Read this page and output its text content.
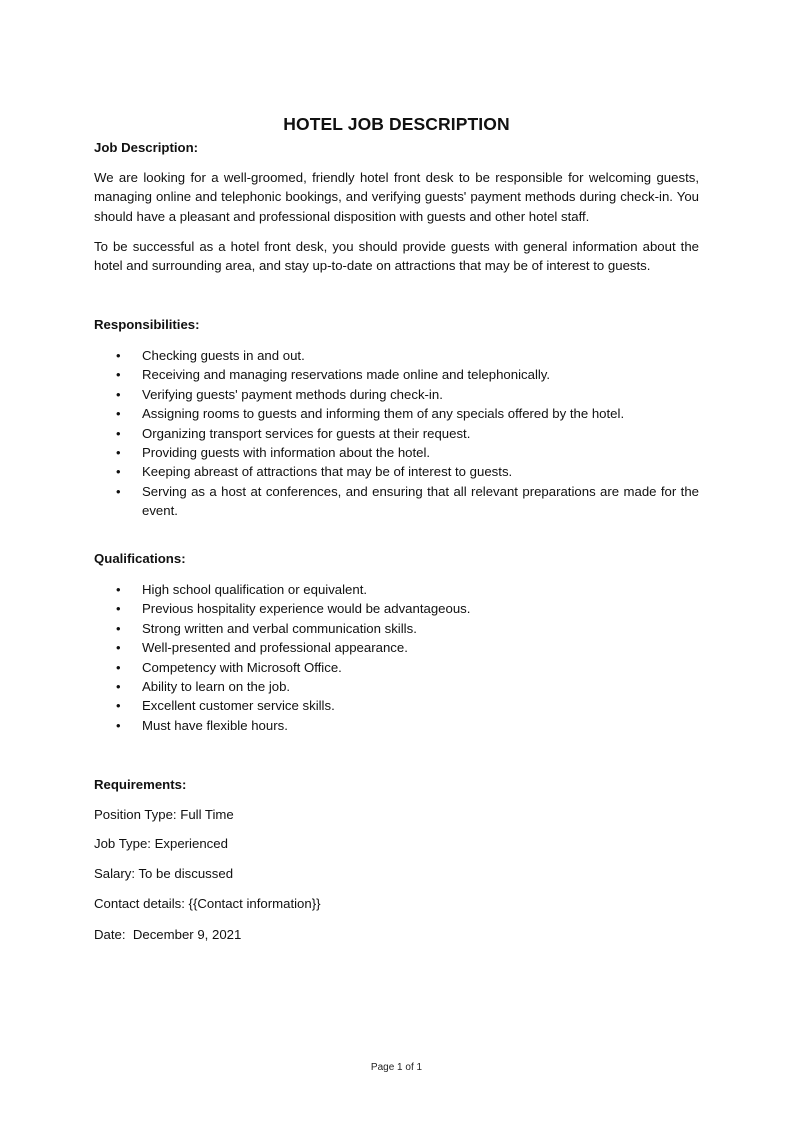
HOTEL JOB DESCRIPTION

Job Description:

We are looking for a well-groomed, friendly hotel front desk to be responsible for welcoming guests, managing online and telephonic bookings, and verifying guests' payment methods during check-in. You should have a pleasant and professional disposition with guests and other hotel staff.

To be successful as a hotel front desk, you should provide guests with general information about the hotel and surrounding area, and stay up-to-date on attractions that may be of interest to guests.

Responsibilities:

• Checking guests in and out.
• Receiving and managing reservations made online and telephonically.
• Verifying guests' payment methods during check-in.
• Assigning rooms to guests and informing them of any specials offered by the hotel.
• Organizing transport services for guests at their request.
• Providing guests with information about the hotel.
• Keeping abreast of attractions that may be of interest to guests.
• Serving as a host at conferences, and ensuring that all relevant preparations are made for the event.

Qualifications:

• High school qualification or equivalent.
• Previous hospitality experience would be advantageous.
• Strong written and verbal communication skills.
• Well-presented and professional appearance.
• Competency with Microsoft Office.
• Ability to learn on the job.
• Excellent customer service skills.
• Must have flexible hours.

Requirements:

Position Type: Full Time

Job Type: Experienced

Salary: To be discussed

Contact details: {{Contact information}}

Date:  December 9, 2021

Page 1 of 1
